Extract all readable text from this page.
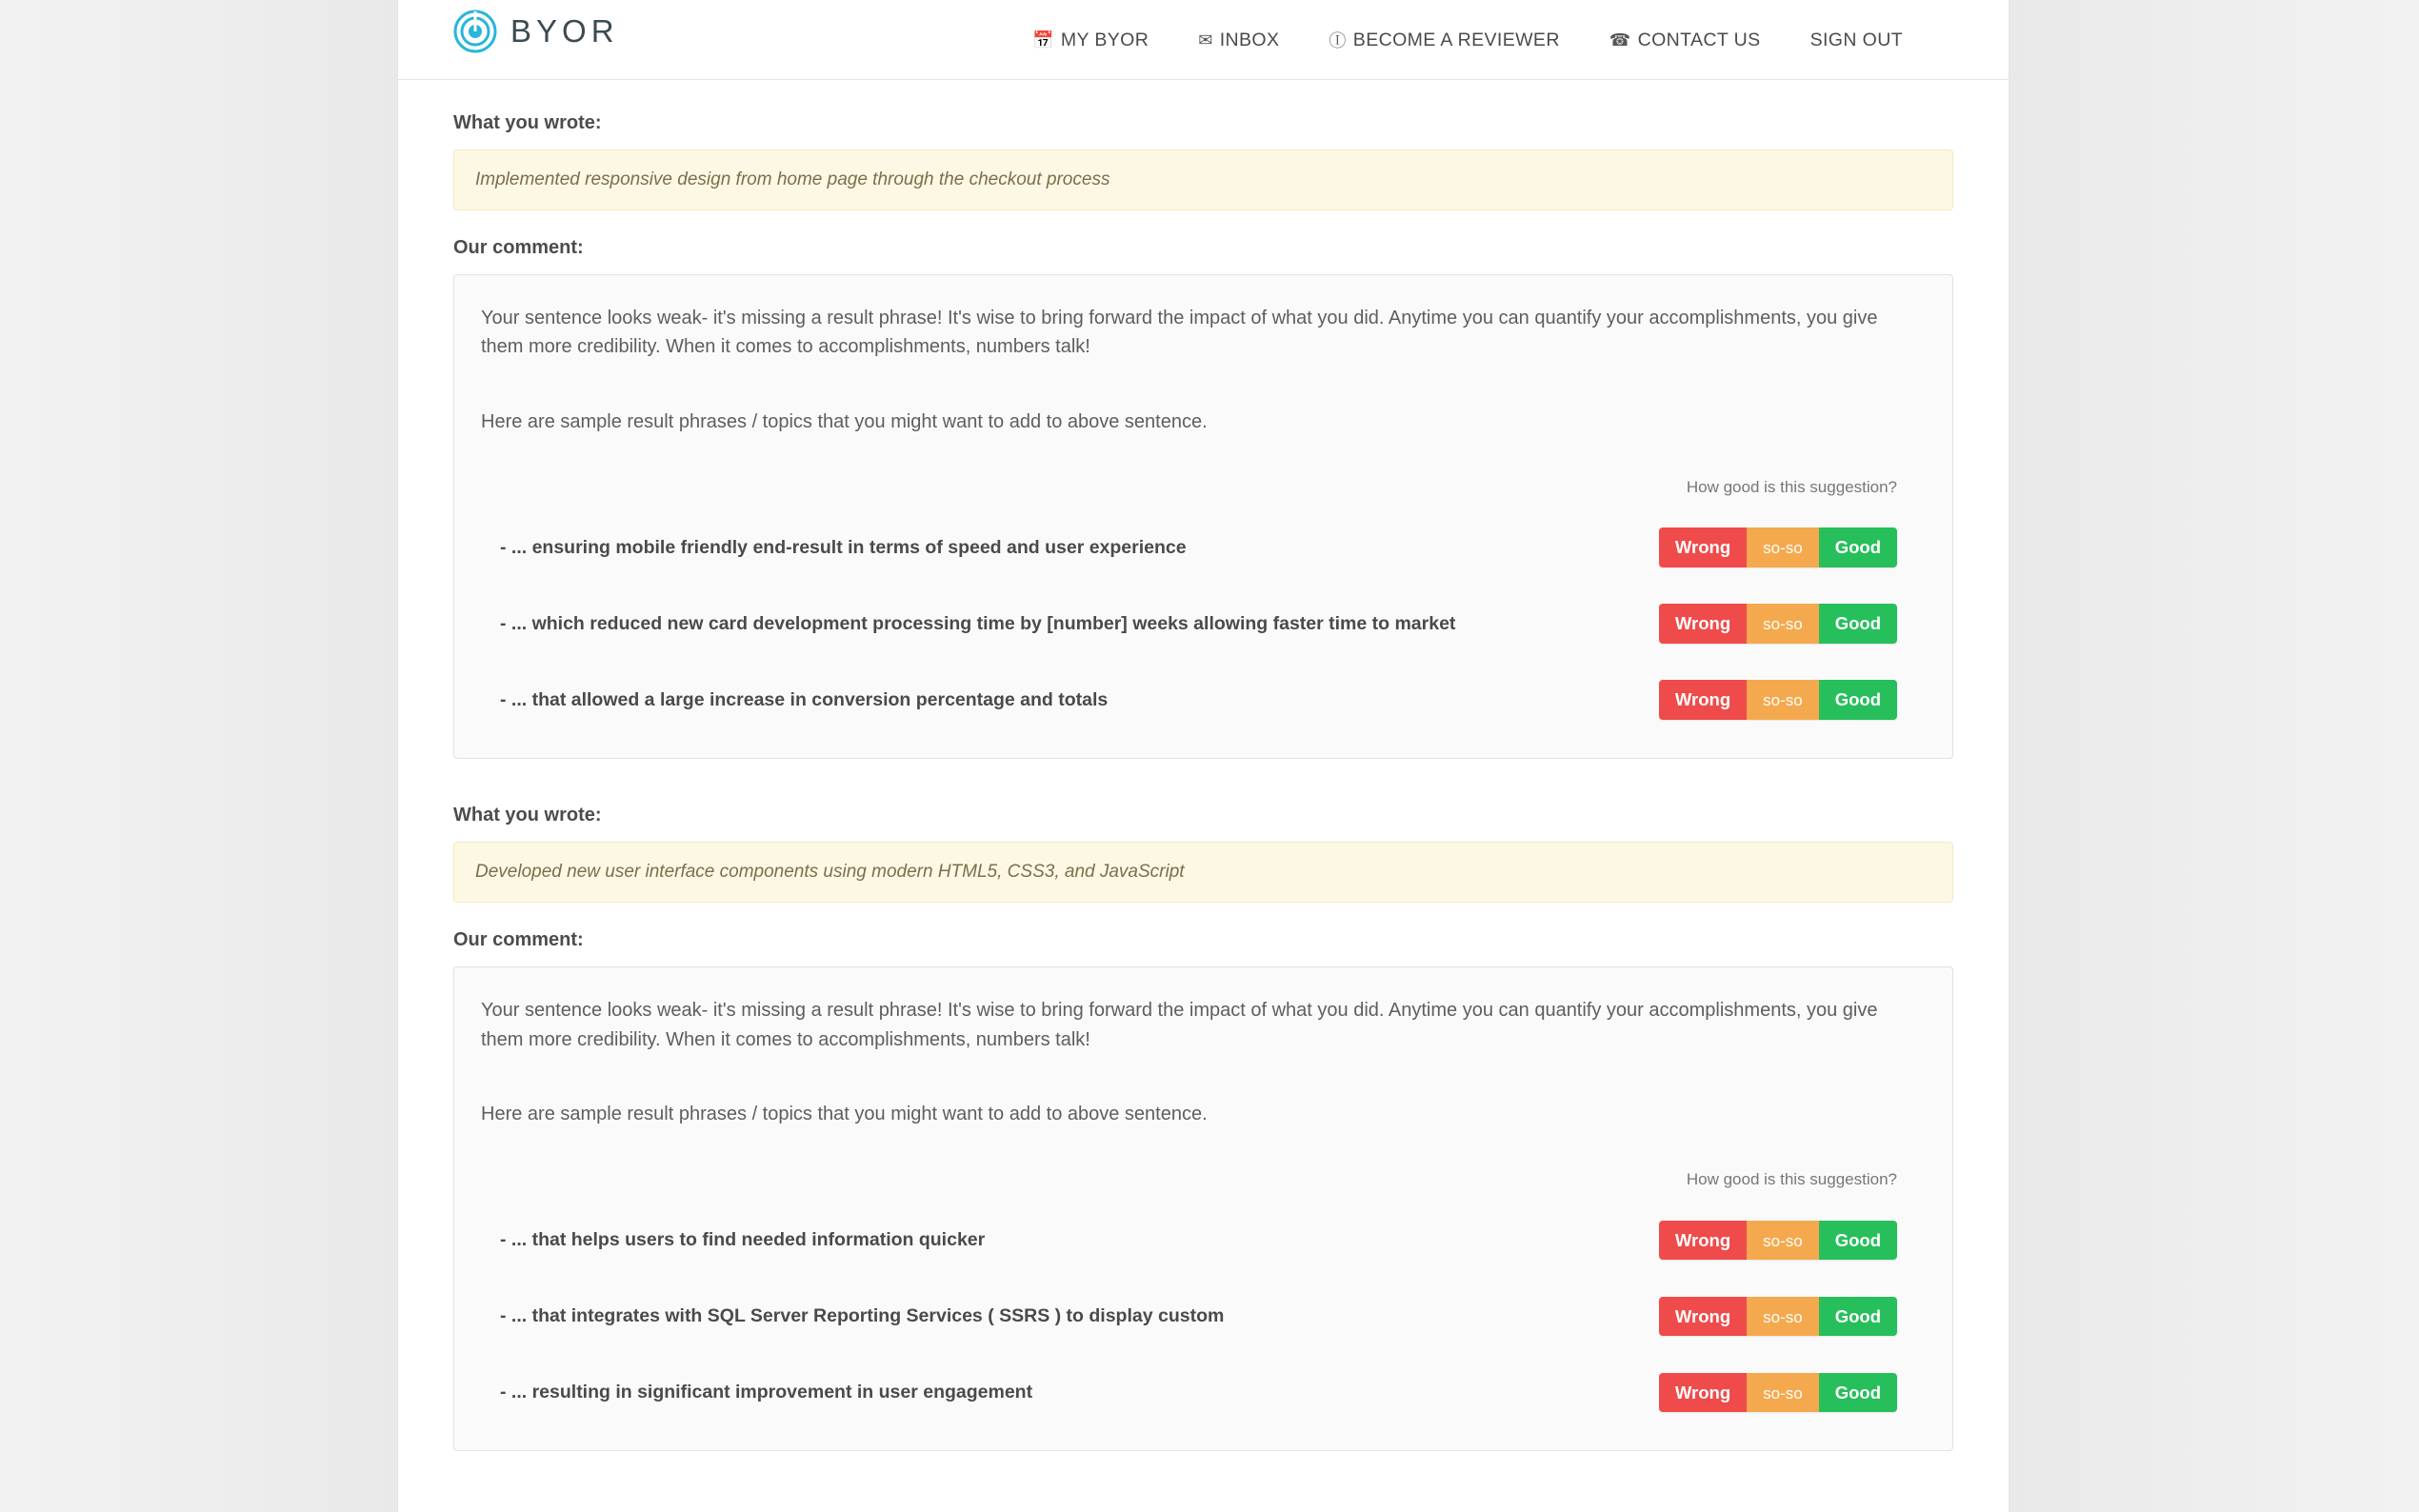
BYOR	📅 MY BYOR	✉ INBOX	Ⓘ BECOME A REVIEWER	☎ CONTACT US	SIGN OUT
What you wrote:
Implemented responsive design from home page through the checkout process
Our comment:

Your sentence looks weak- it's missing a result phrase! It's wise to bring forward the impact of what you did. Anytime you can quantify your accomplishments, you give them more credibility. When it comes to accomplishments, numbers talk!

Here are sample result phrases / topics that you might want to add to above sentence.

How good is this suggestion?
- ... ensuring mobile friendly end-result in terms of speed and user experience	Wrong	so-so	Good
- ... which reduced new card development processing time by [number] weeks allowing faster time to market	Wrong	so-so	Good
- ... that allowed a large increase in conversion percentage and totals	Wrong	so-so	Good
What you wrote:
Developed new user interface components using modern HTML5, CSS3, and JavaScript
Our comment:

Your sentence looks weak- it's missing a result phrase! It's wise to bring forward the impact of what you did. Anytime you can quantify your accomplishments, you give them more credibility. When it comes to accomplishments, numbers talk!

Here are sample result phrases / topics that you might want to add to above sentence.

How good is this suggestion?
- ... that helps users to find needed information quicker	Wrong	so-so	Good
- ... that integrates with SQL Server Reporting Services ( SSRS ) to display custom	Wrong	so-so	Good
- ... resulting in significant improvement in user engagement	Wrong	so-so	Good
